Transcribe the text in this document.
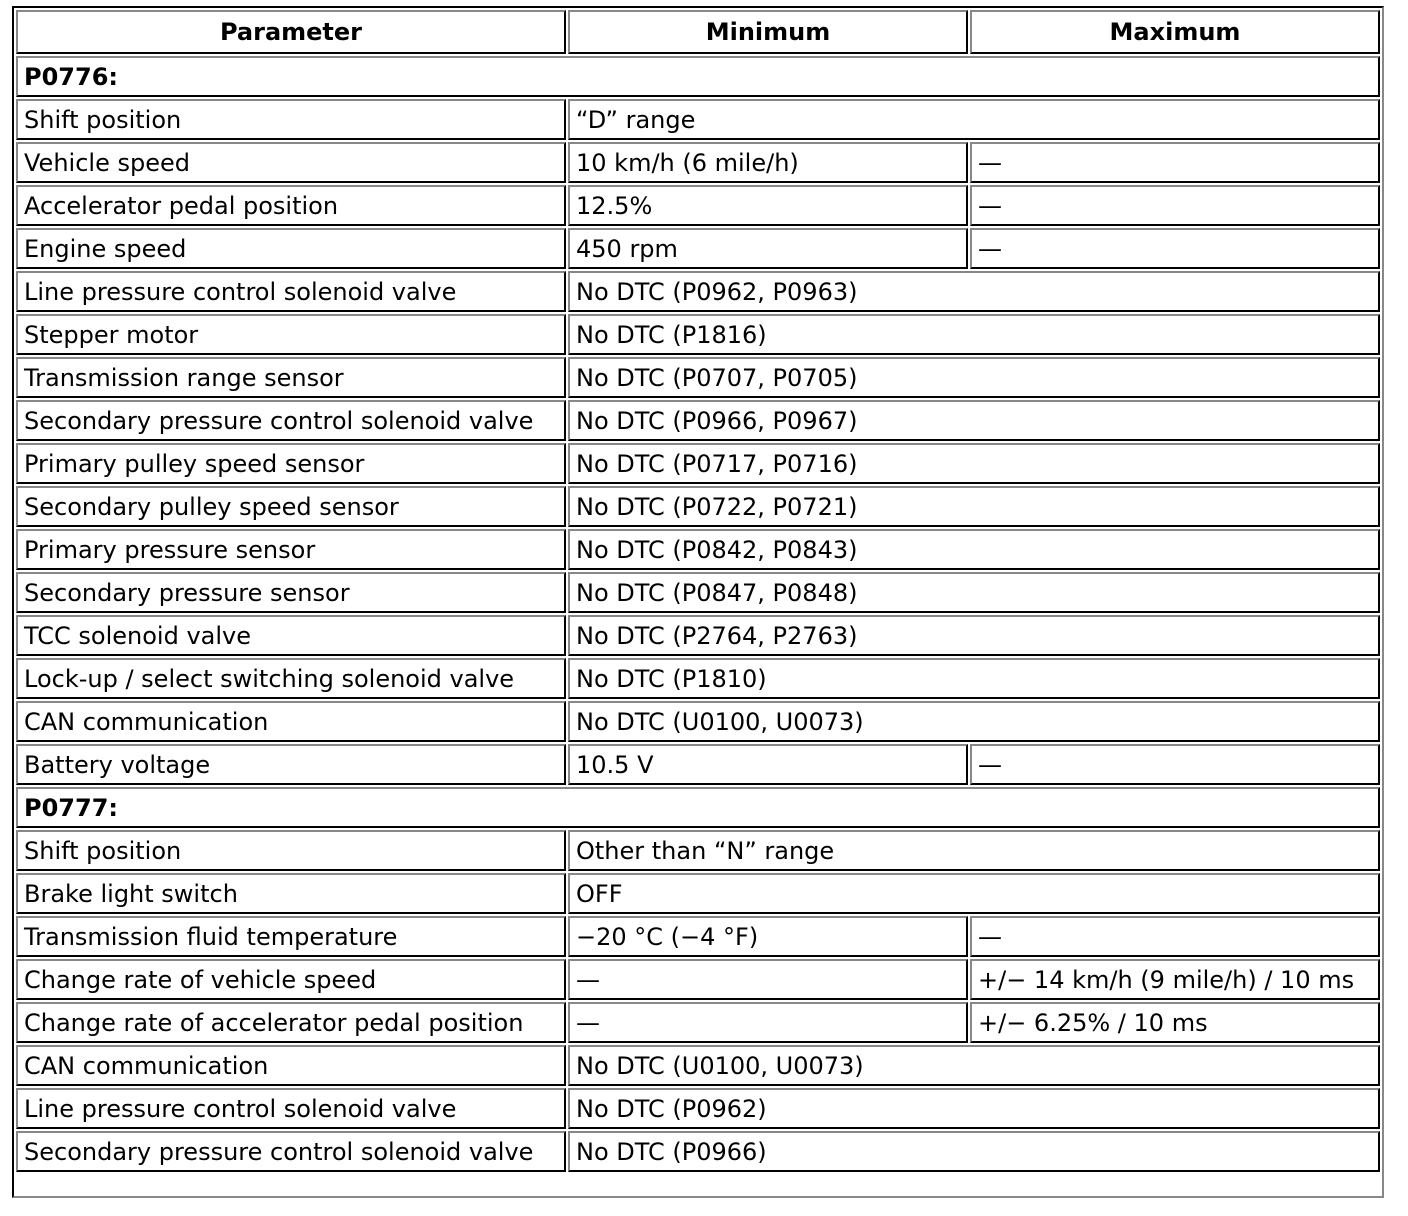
Parameter	Minimum	Maximum
P0776:		
Shift position	“D” range	
Vehicle speed	10 km/h (6 mile/h)	—
Accelerator pedal position	12.5%	—
Engine speed	450 rpm	—
Line pressure control solenoid valve	No DTC (P0962, P0963)	
Stepper motor	No DTC (P1816)	
Transmission range sensor	No DTC (P0707, P0705)	
Secondary pressure control solenoid valve	No DTC (P0966, P0967)	
Primary pulley speed sensor	No DTC (P0717, P0716)	
Secondary pulley speed sensor	No DTC (P0722, P0721)	
Primary pressure sensor	No DTC (P0842, P0843)	
Secondary pressure sensor	No DTC (P0847, P0848)	
TCC solenoid valve	No DTC (P2764, P2763)	
Lock-up / select switching solenoid valve	No DTC (P1810)	
CAN communication	No DTC (U0100, U0073)	
Battery voltage	10.5 V	—
P0777:		
Shift position	Other than “N” range	
Brake light switch	OFF	
Transmission fluid temperature	−20 °C (−4 °F)	—
Change rate of vehicle speed	—	+/− 14 km/h (9 mile/h) / 10 ms
Change rate of accelerator pedal position	—	+/− 6.25% / 10 ms
CAN communication	No DTC (U0100, U0073)	
Line pressure control solenoid valve	No DTC (P0962)	
Secondary pressure control solenoid valve	No DTC (P0966)	
